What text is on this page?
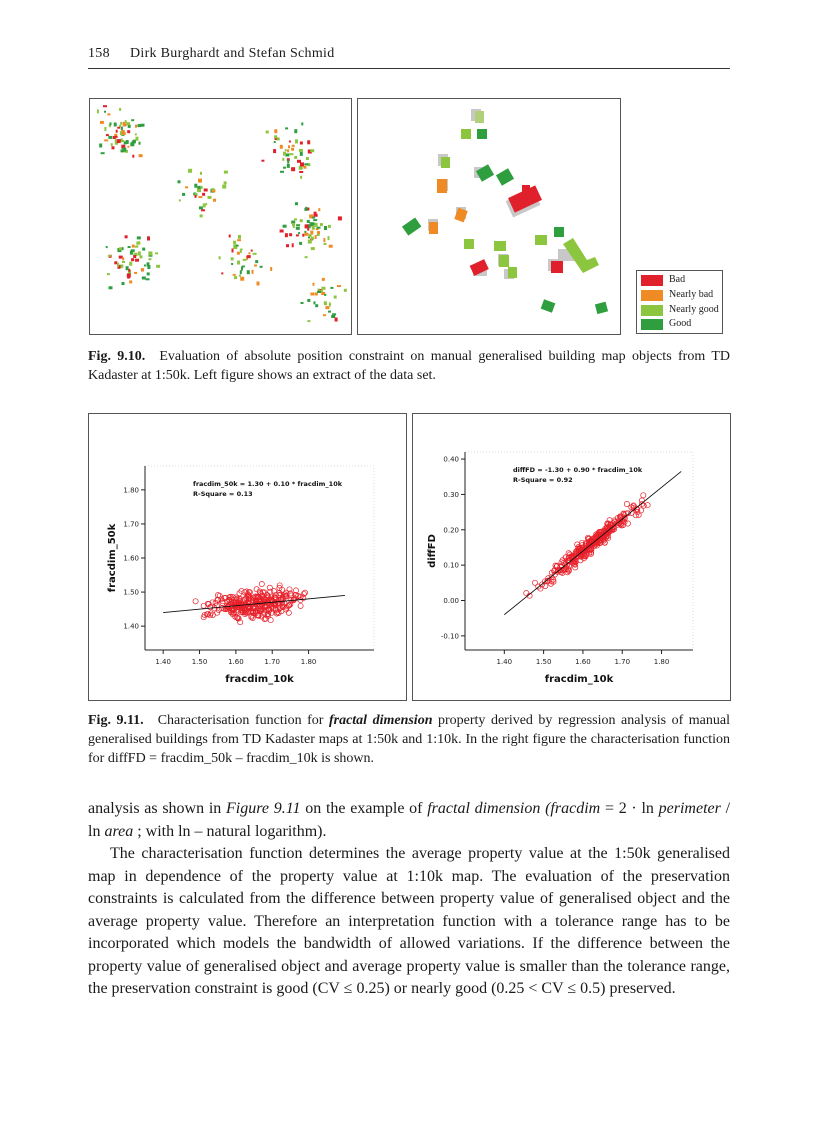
158 Dirk Burghardt and Stefan Schmid
Bad
Nearly bad
Nearly good
Good
Fig. 9.10. Evaluation of absolute position constraint on manual generalised building map objects from TD Kadaster at 1:50k. Left figure shows an extract of the data set.
1.40	1.50	1.60	1.70	1.80
1.40
1.50
1.60
1.70
1.80
fracdim_10k
fracdim_50k
fracdim_50k = 1.30 + 0.10 * fracdim_10k
R-Square = 0.13
1.40	1.50	1.60	1.70	1.80
-0.10
0.00
0.10
0.20
0.30
0.40
fracdim_10k
diffFD
diffFD = -1.30 + 0.90 * fracdim_10k
R-Square = 0.92
Fig. 9.11. Characterisation function for fractal dimension property derived by regression analysis of manual generalised buildings from TD Kadaster maps at 1:50k and 1:10k. In the right figure the characterisation function for diffFD = fracdim_50k – fracdim_10k is shown.

analysis as shown in Figure 9.11 on the example of fractal dimension (fracdim = 2 · ln perimeter / ln area ; with ln – natural logarithm).

The characterisation function determines the average property value at the 1:50k generalised map in dependence of the property value at 1:10k map. The evaluation of the preservation constraints is calculated from the difference between property value of generalised object and the average property value. Therefore an interpretation function with a tolerance range has to be incorporated which models the bandwidth of allowed variations. If the difference between the property value of generalised object and average property value is smaller than the tolerance range, the preservation constraint is good (CV ≤ 0.25) or nearly good (0.25 < CV ≤ 0.5) preserved.
